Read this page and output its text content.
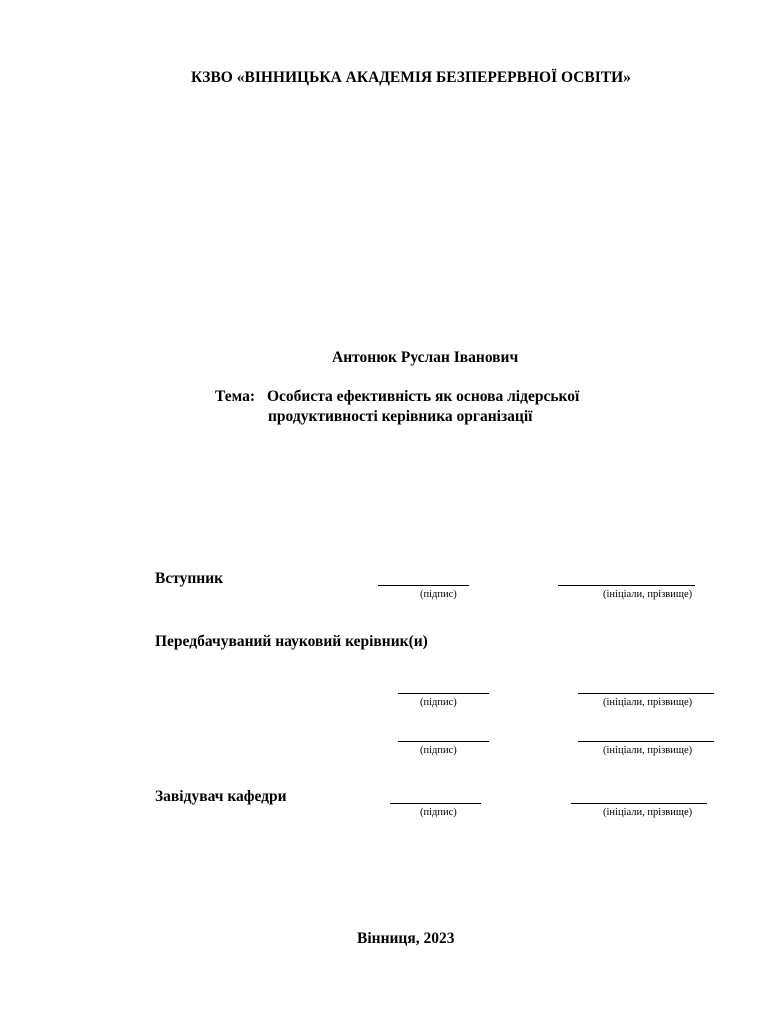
КЗВО «ВІННИЦЬКА АКАДЕМІЯ БЕЗПЕРЕРВНОЇ ОСВІТИ»
Антонюк Руслан Іванович
Тема: Особиста ефективність як основа лідерської
продуктивності керівника організації
Вступник
(підпис)	(ініціали, прізвище)
Передбачуваний науковий керівник(и)
(підпис)	(ініціали, прізвище)
(підпис)	(ініціали, прізвище)
Завідувач кафедри
(підпис)	(ініціали, прізвище)
Вінниця, 2023
